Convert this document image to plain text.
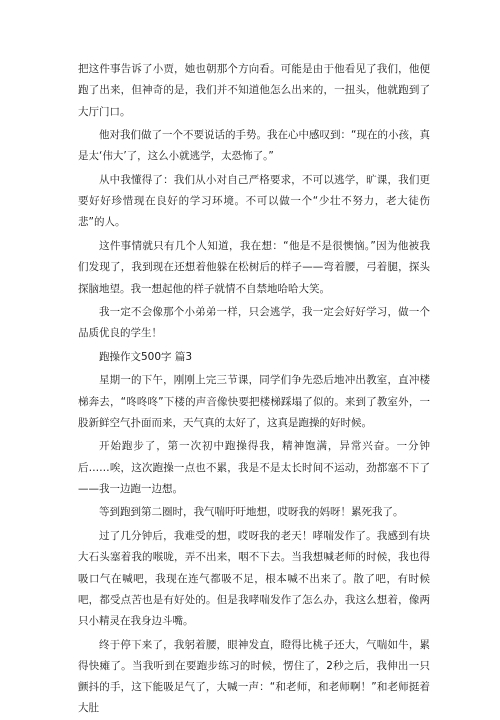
把这件事告诉了小贾，她也朝那个方向看。可能是由于他看见了我们，他便跑了出来，但神奇的是，我们并不知道他怎么出来的，一扭头，他就跑到了大厅门口。

他对我们做了一个不要说话的手势。我在心中感叹到：“现在的小孩，真是太‘伟大’了，这么小就逃学，太恐怖了。”

从中我懂得了：我们从小对自己严格要求，不可以逃学，旷课，我们更要好好珍惜现在良好的学习环境。不可以做一个“少壮不努力，老大徒伤悲”的人。

这件事情就只有几个人知道，我在想：“他是不是很懊恼。”因为他被我们发现了，我到现在还想着他躲在松树后的样子——弯着腰，弓着腿，探头探脑地望。我一想起他的样子就情不自禁地哈哈大笑。

我一定不会像那个小弟弟一样，只会逃学，我一定会好好学习，做一个品质优良的学生！

跑操作文500字 篇3

星期一的下午，刚刚上完三节课，同学们争先恐后地冲出教室，直冲楼梯奔去，“咚咚咚”下楼的声音像快要把楼梯踩塌了似的。来到了教室外，一股新鲜空气扑面而来，天气真的太好了，这真是跑操的好时候。

开始跑步了，第一次初中跑操得我，精神饱满，异常兴奋。一分钟后……唉，这次跑操一点也不累，我是不是太长时间不运动，劲都塞不下了——我一边跑一边想。

等到跑到第二圈时，我气喘吁吁地想，哎呀我的妈呀！累死我了。

过了几分钟后，我难受的想，哎呀我的老天！哮喘发作了。我感到有块大石头塞着我的喉咙，弄不出来，咽不下去。当我想喊老师的时候，我也得吸口气在喊吧，我现在连气都吸不足，根本喊不出来了。散了吧，有时候吧，都受点苦也是有好处的。但是我哮喘发作了怎么办，我这么想着，像两只小精灵在我身边斗嘴。

终于停下来了，我躬着腰，眼神发直，瞪得比桃子还大，气喘如牛，累得快瘫了。当我听到在要跑步练习的时候，愣住了，2秒之后，我伸出一只颤抖的手，这下能吸足气了，大喊一声：“和老师，和老师啊！”和老师挺着大肚
